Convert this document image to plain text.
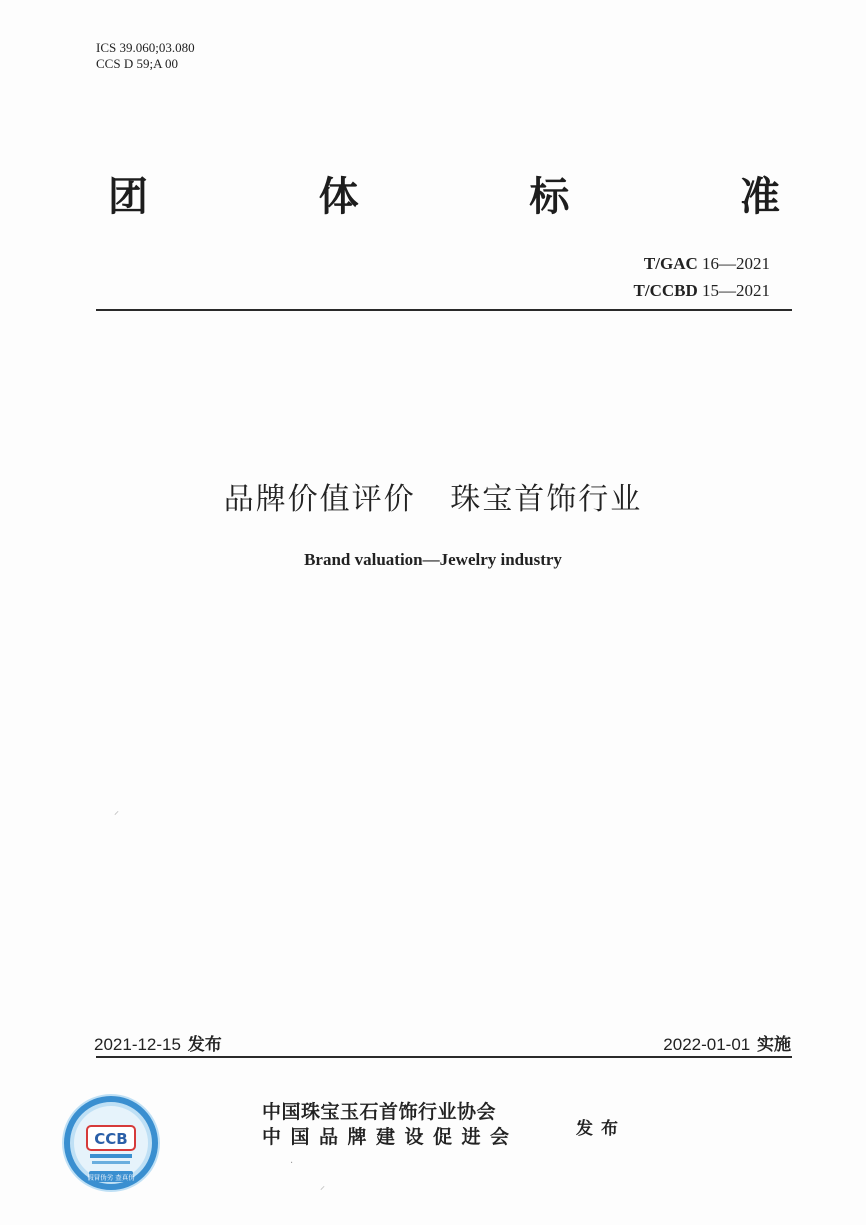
ICS 39.060;03.080
CCS D 59;A 00
团	体	标	准
T/GAC 16—2021
T/CCBD 15—2021
品牌价值评价   珠宝首饰行业
Brand valuation—Jewelry industry
⸝
2021-12-15 发布	2022-01-01 实施
中国珠宝玉石首饰行业协会
中国品牌建设促进会	发布
CCB
假冒伪劣 查真伪
·
⸝
